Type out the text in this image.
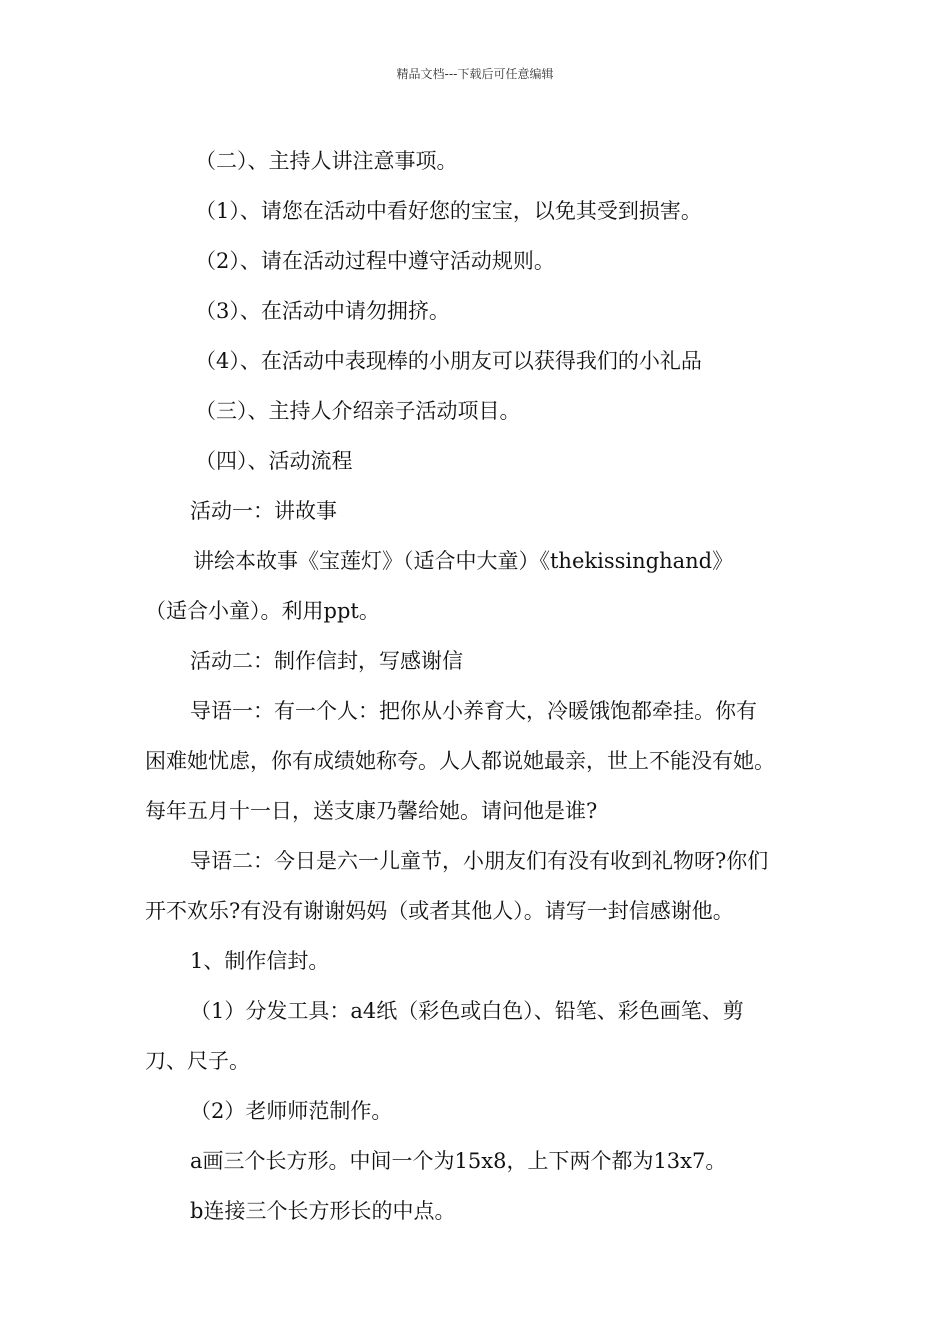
精品文档---下载后可任意编辑
（二）、主持人讲注意事项。
（1）、请您在活动中看好您的宝宝，以免其受到损害。
（2）、请在活动过程中遵守活动规则。
（3）、在活动中请勿拥挤。
（4）、在活动中表现棒的小朋友可以获得我们的小礼品
（三）、主持人介绍亲子活动项目。
（四）、活动流程
活动一：讲故事
讲绘本故事《宝莲灯》（适合中大童）《thekissinghand》
（适合小童）。利用ppt。
活动二：制作信封，写感谢信
导语一：有一个人：把你从小养育大，冷暖饿饱都牵挂。你有
困难她忧虑，你有成绩她称夸。人人都说她最亲，世上不能没有她。
每年五月十一日，送支康乃馨给她。请问他是谁?
导语二：今日是六一儿童节，小朋友们有没有收到礼物呀?你们
开不欢乐?有没有谢谢妈妈（或者其他人）。请写一封信感谢他。
1、制作信封。
（1）分发工具：a4纸（彩色或白色）、铅笔、彩色画笔、剪
刀、尺子。
（2）老师师范制作。
a画三个长方形。中间一个为15x8，上下两个都为13x7。
b连接三个长方形长的中点。
